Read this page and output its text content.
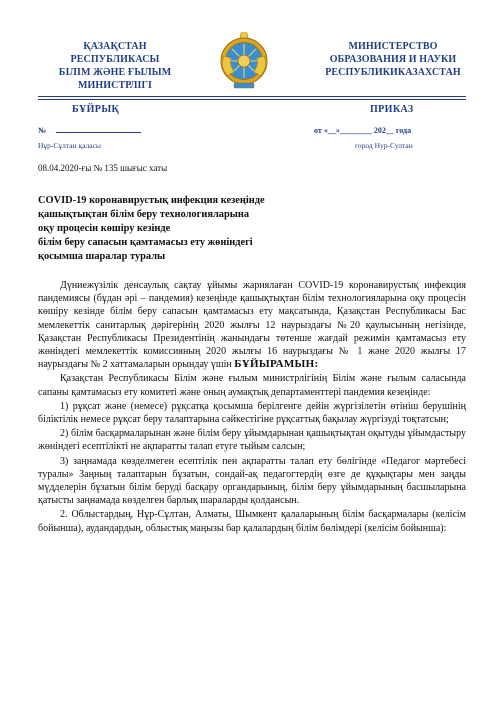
ҚАЗАҚСТАН
РЕСПУБЛИКАСЫ
БІЛІМ ЖӘНЕ ҒЫЛЫМ
МИНИСТРЛІГІ
МИНИСТЕРСТВО
ОБРАЗОВАНИЯ И НАУКИ
РЕСПУБЛИКИКАЗАХСТАН
БҰЙРЫҚ	ПРИКАЗ
№	от «__»________ 202__ года
Нұр-Сұлтан қаласы	город Нур-Султан
08.04.2020-ғы № 135 шығыс хаты
COVID-19 коронавирустық инфекция кезеңінде
қашықтықтан білім беру технологияларына
оқу процесін көшіру кезінде
білім беру сапасын қамтамасыз ету жөніндегі
қосымша шаралар туралы

Дүниежүзілік денсаулық сақтау ұйымы жариялаған COVID-19 коронавирустық инфекция пандемиясы (бұдан әрі – пандемия) кезеңінде қашықтықтан білім технологияларына оқу процесін көшіру кезінде білім беру сапасын қамтамасыз ету мақсатында, Қазақстан Республикасы Бас мемлекеттік санитарлық дәрігерінің 2020 жылғы 12 наурыздағы №20 қаулысының негізінде, Қазақстан Республикасы Президентінің жанындағы төтенше жағдай режимін қамтамасыз ету жөніндегі мемлекеттік комиссияның 2020 жылғы 16 наурыздағы № 1 және 2020 жылғы 17 наурыздағы № 2 хаттамаларын орындау үшін БҰЙЫРАМЫН:

Қазақстан Республикасы Білім және ғылым министрлігінің Білім және ғылым саласында сапаны қамтамасыз ету комитеті және оның аумақтық департаменттері пандемия кезеңінде:

1) рұқсат және (немесе) рұқсатқа қосымша берілгенге дейін жүргізілетін өтініш берушінің біліктілік немесе рұқсат беру талаптарына сәйкестігіне рұқсаттық бақылау жүргізуді тоқтатсын;

2) білім басқармаларынан және білім беру ұйымдарынан қашықтықтан оқытуды ұйымдастыру жөніндегі есептілікті не ақпаратты талап етуге тыйым салсын;

3) заңнамада көзделмеген есептілік пен ақпаратты талап ету бөлігінде «Педагог мәртебесі туралы» Заңның талаптарын бұзатын, сондай-ақ педагогтердің өзге де құқықтары мен заңды мүдделерін бұзатын білім беруді басқару органдарының, білім беру ұйымдарының басшыларына қатысты заңнамада көзделген барлық шараларды қолдансын.

2. Облыстардың, Нұр-Сұлтан, Алматы, Шымкент қалаларының білім басқармалары (келісім бойынша), аудандардың, облыстық маңызы бар қалалардың білім бөлімдері (келісім бойынша):
